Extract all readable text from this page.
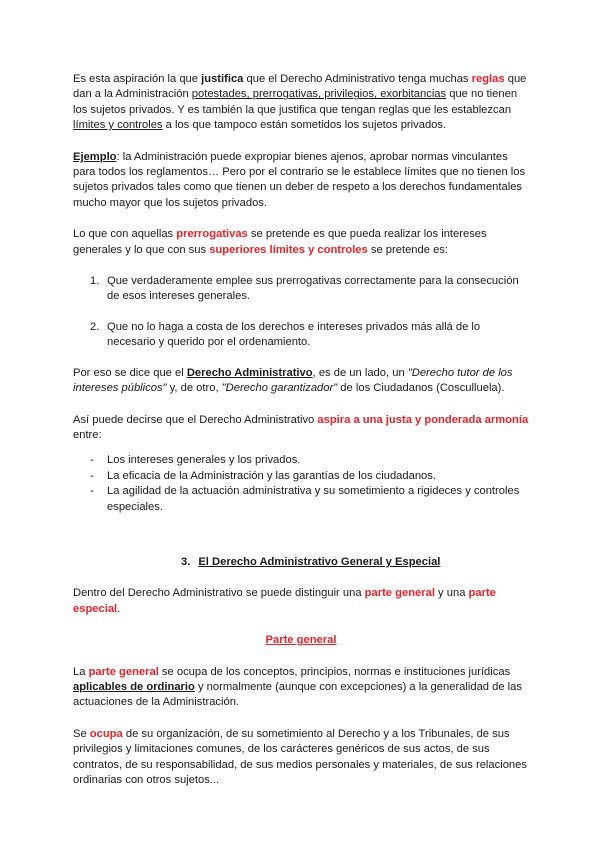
Es esta aspiración la que justifica que el Derecho Administrativo tenga muchas reglas que dan a la Administración potestades, prerrogativas, privilegios, exorbitancias que no tienen los sujetos privados. Y es también la que justifica que tengan reglas que les establezcan límites y controles a los que tampoco están sometidos los sujetos privados.

Ejemplo: la Administración puede expropiar bienes ajenos, aprobar normas vinculantes para todos los reglamentos… Pero por el contrario se le establece límites que no tienen los sujetos privados tales como que tienen un deber de respeto a los derechos fundamentales mucho mayor que los sujetos privados.

Lo que con aquellas prerrogativas se pretende es que pueda realizar los intereses generales y lo que con sus superiores límites y controles se pretende es:

1. Que verdaderamente emplee sus prerrogativas correctamente para la consecución de esos intereses generales.
2. Que no lo haga a costa de los derechos e intereses privados más allá de lo necesario y querido por el ordenamiento.

Por eso se dice que el Derecho Administrativo, es de un lado, un "Derecho tutor de los intereses públicos" y, de otro, "Derecho garantizador" de los Ciudadanos (Cosculluela).

Así puede decirse que el Derecho Administrativo aspira a una justa y ponderada armonía entre:

- Los intereses generales y los privados.
- La eficacia de la Administración y las garantías de los ciudadanos.
- La agilidad de la actuación administrativa y su sometimiento a rigideces y controles especiales.

3. El Derecho Administrativo General y Especial

Dentro del Derecho Administrativo se puede distinguir una parte general y una parte especial.

Parte general

La parte general se ocupa de los conceptos, principios, normas e instituciones jurídicas aplicables de ordinario y normalmente (aunque con excepciones) a la generalidad de las actuaciones de la Administración.

Se ocupa de su organización, de su sometimiento al Derecho y a los Tribunales, de sus privilegios y limitaciones comunes, de los carácteres genéricos de sus actos, de sus contratos, de su responsabilidad, de sus medios personales y materiales, de sus relaciones ordinarias con otros sujetos...
